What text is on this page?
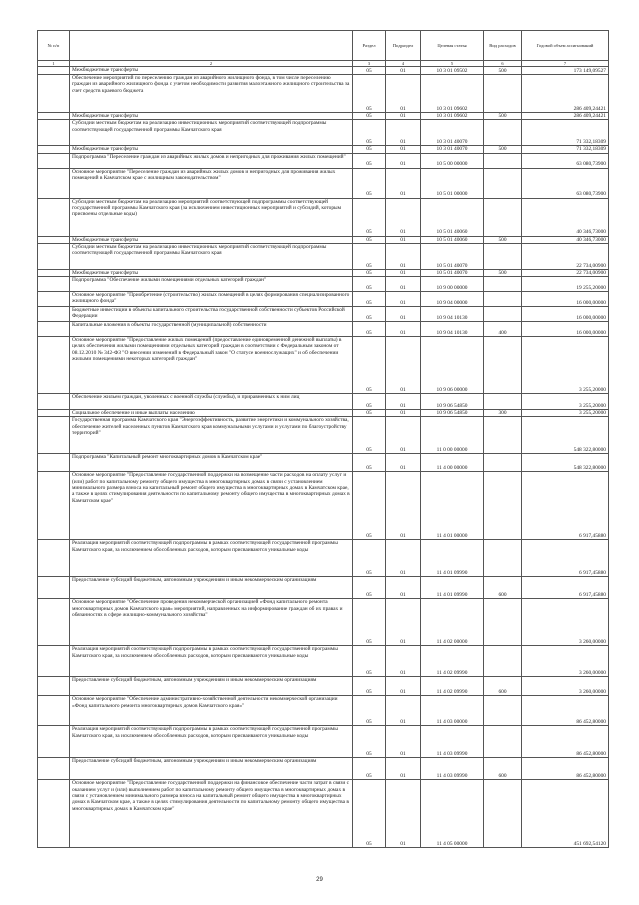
№ п/п		Раздел	Подраздел	Целевая статья	Вид расходов	Годовой объем ассигнований
1	2	3	4	5	6	7
	Межбюджетные трансферты	05	01	10 3 01 09502	500	173 149,09527
	Обеспечение мероприятий по переселению граждан из аварийного жилищного фонда, в том числе переселению граждан из аварийного жилищного фонда с учетом необходимости развития малоэтажного жилищного строительства за счет средств краевого бюджета	05	01	10 3 01 09602		286 409,24421
	Межбюджетные трансферты	05	01	10 3 01 09602	500	286 409,24421
	Субсидии местным бюджетам на реализацию инвестиционных мероприятий соответствующей подпрограммы соответствующей государственной программы Камчатского края	05	01	10 3 01 40070		71 332,18309
	Межбюджетные трансферты	05	01	10 3 01 40070	500	71 332,18309
	Подпрограмма "Переселение граждан из аварийных жилых домов и непригодных для проживания жилых помещений"	05	01	10 5 00 00000		63 080,73900
	Основное мероприятие "Переселение граждан из аварийных жилых домов и непригодных для проживания жилых помещений в Камчатском крае с жилищным законодательством"	05	01	10 5 01 00000		63 080,73900
	Субсидии местным бюджетам на реализацию мероприятий соответствующей подпрограммы соответствующей государственной программы Камчатского края (за исключением инвестиционных мероприятий и субсидий, которым присвоены отдельные коды)	05	01	10 5 01 40060		40 346,73000
	Межбюджетные трансферты	05	01	10 5 01 40060	500	40 346,73000
	Субсидии местным бюджетам на реализацию инвестиционных мероприятий соответствующей подпрограммы соответствующей государственной программы Камчатского края	05	01	10 5 01 40070		22 734,00900
	Межбюджетные трансферты	05	01	10 5 01 40070	500	22 734,00900
	Подпрограмма "Обеспечение жилыми помещениями отдельных категорий граждан"	05	01	10 9 00 00000		19 255,20000
	Основное мероприятие "Приобретение (строительство) жилых помещений в целях формирования специализированного жилищного фонда"	05	01	10 9 04 00000		16 000,00000
	Бюджетные инвестиции в объекты капитального строительства государственной собственности субъектов Российской Федерации	05	01	10 9 04 10130		16 000,00000
	Капитальные вложения в объекты государственной (муниципальной) собственности	05	01	10 9 04 10130	400	16 000,00000
	Основное мероприятие "Предоставление жилых помещений (предоставление единовременной денежной выплаты) в целях обеспечения жилыми помещениями отдельных категорий граждан в соответствии с Федеральным законом от 08.12.2010 № 342-ФЗ "О внесении изменений в Федеральный закон "О статусе военнослужащих" и об обеспечении жилыми помещениями некоторых категорий граждан"	05	01	10 9 06 00000		3 255,20000
	Обеспечение жильем граждан, уволенных с военной службы (службы), и приравненных к ним лиц	05	01	10 9 06 54850		3 255,20000
	Социальное обеспечение и иные выплаты населению	05	01	10 9 06 54850	300	3 255,20000
	Государственная программа Камчатского края "Энергоэффективность, развитие энергетики и коммунального хозяйства, обеспечение жителей населенных пунктов Камчатского края коммунальными услугами и услугами по благоустройству территорий"	05	01	11 0 00 00000		548 322,80000
	Подпрограмма "Капитальный ремонт многоквартирных домов в Камчатском крае"	05	01	11 4 00 00000		548 322,80000
	Основное мероприятие "Предоставление государственной поддержки на возмещение части расходов на оплату услуг и (или) работ по капитальному ремонту общего имущества в многоквартирных домах в связи с установлением минимального размера взноса на капитальный ремонт общего имущества в многоквартирных домах в Камчатском крае, а также в целях стимулирования деятельности по капитальному ремонту общего имущества в многоквартирных домах в Камчатском крае"	05	01	11 4 01 00000		6 917,45880
	Реализация мероприятий соответствующей подпрограммы в рамках соответствующей государственной программы Камчатского края, за исключением обособленных расходов, которым присваиваются уникальные коды	05	01	11 4 01 09990		6 917,45880
	Предоставление субсидий бюджетным, автономным учреждениям и иным некоммерческим организациям	05	01	11 4 01 09990	600	6 917,45880
	Основное мероприятие "Обеспечение проведения некоммерческой организацией «Фонд капитального ремонта многоквартирных домов Камчатского края» мероприятий, направленных на информирование граждан об их правах и обязанностях в сфере жилищно-коммунального хозяйства"	05	01	11 4 02 00000		3 260,00000
	Реализация мероприятий соответствующей подпрограммы в рамках соответствующей государственной программы Камчатского края, за исключением обособленных расходов, которым присваиваются уникальные коды	05	01	11 4 02 09990		3 260,00000
	Предоставление субсидий бюджетным, автономным учреждениям и иным некоммерческим организациям	05	01	11 4 02 09990	600	3 260,00000
	Основное мероприятие "Обеспечение административно-хозяйственной деятельности некоммерческой организации «Фонд капитального ремонта многоквартирных домов Камчатского края»"	05	01	11 4 03 00000		86 452,80000
	Реализация мероприятий соответствующей подпрограммы в рамках соответствующей государственной программы Камчатского края, за исключением обособленных расходов, которым присваиваются уникальные коды	05	01	11 4 03 09990		86 452,80000
	Предоставление субсидий бюджетным, автономным учреждениям и иным некоммерческим организациям	05	01	11 4 03 09990	600	86 452,80000
	Основное мероприятие "Предоставление государственной поддержки на финансовое обеспечение части затрат в связи с оказанием услуг и (или) выполнением работ по капитальному ремонту общего имущества в многоквартирных домах в связи с установлением минимального размера взноса на капитальный ремонт общего имущества в многоквартирных домах в Камчатском крае, а также в целях стимулирования деятельности по капитальному ремонту общего имущества в многоквартирных домах в Камчатском крае"	05	01	11 4 05 00000		451 692,54120
29
